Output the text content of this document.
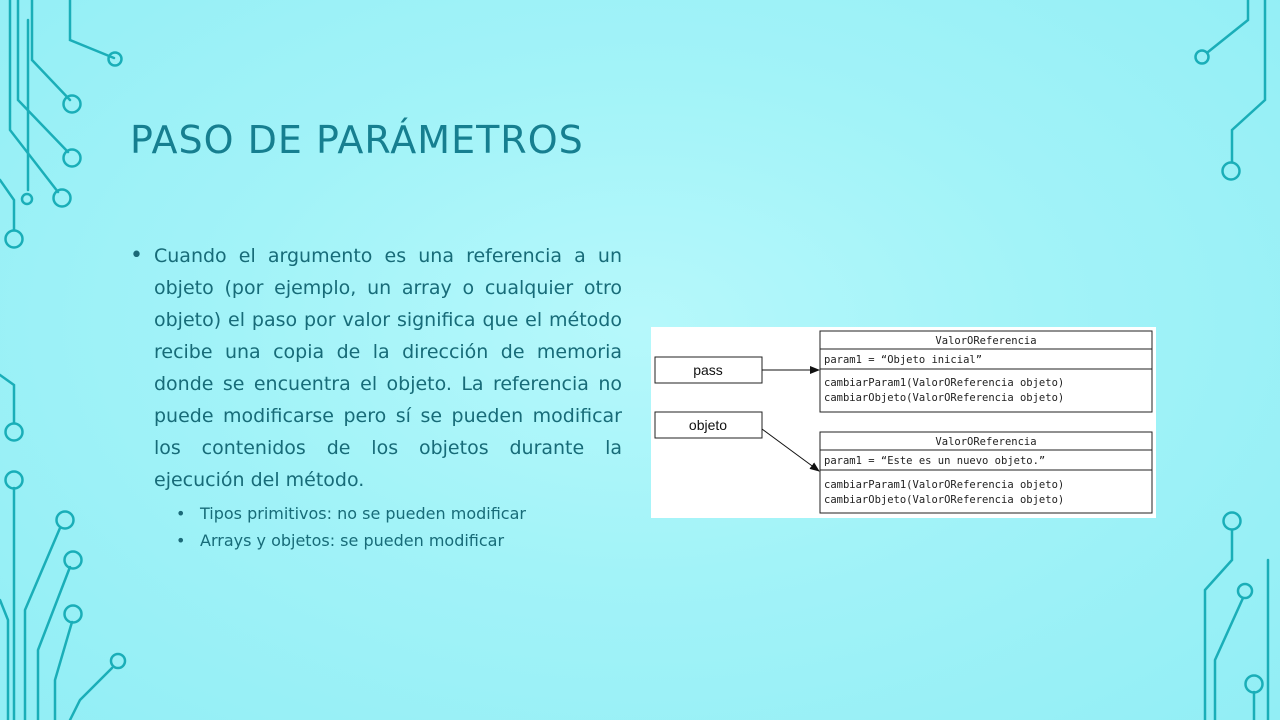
PASO DE PARÁMETROS
• Cuando el argumento es una referencia a un objeto (por ejemplo, un array o cualquier otro objeto) el paso por valor significa que el método recibe una copia de la dirección de memoria donde se encuentra el objeto. La referencia no puede modificarse pero sí se pueden modificar los contenidos de los objetos durante la ejecución del método.
• Tipos primitivos: no se pueden modificar
• Arrays y objetos: se pueden modificar
pass
objeto
ValorOReferencia
param1 = “Objeto inicial”
cambiarParam1(ValorOReferencia objeto)
cambiarObjeto(ValorOReferencia objeto)
ValorOReferencia
param1 = “Este es un nuevo objeto.”
cambiarParam1(ValorOReferencia objeto)
cambiarObjeto(ValorOReferencia objeto)
